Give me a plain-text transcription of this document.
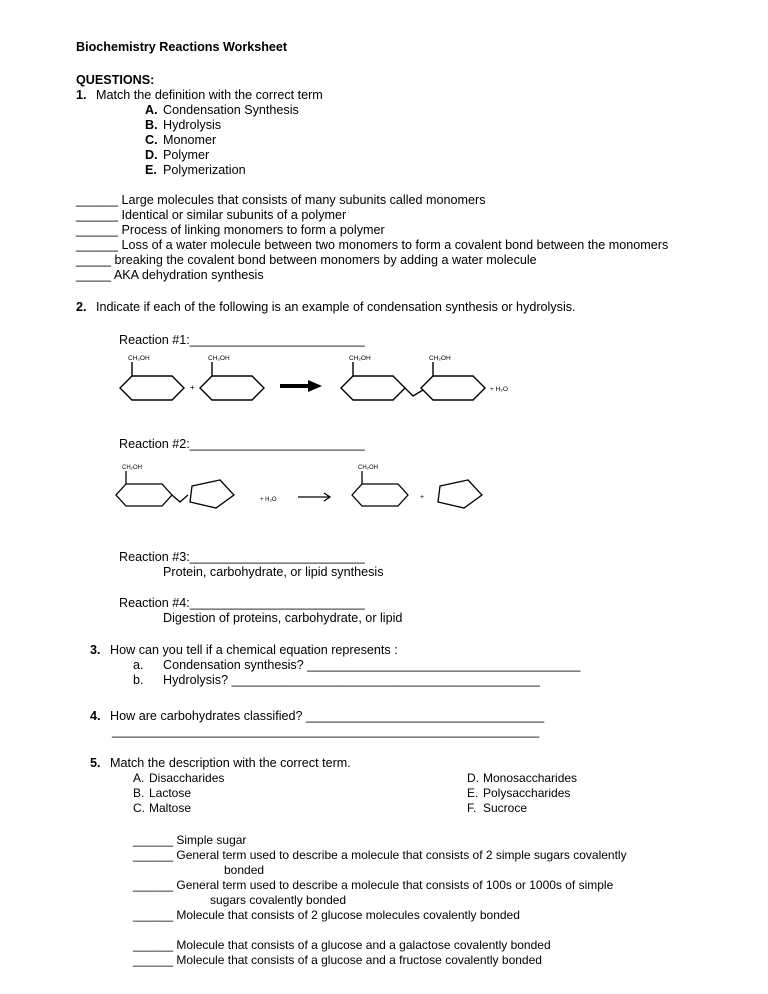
Biochemistry Reactions Worksheet
QUESTIONS:
1. Match the definition with the correct term
A. Condensation Synthesis
B. Hydrolysis
C. Monomer
D. Polymer
E. Polymerization
______ Large molecules that consists of many subunits called monomers
______ Identical or similar subunits of a polymer
______ Process of linking monomers to form a polymer
______ Loss of a water molecule between two monomers to form a covalent bond between the monomers
_____ breaking the covalent bond between monomers by adding a water molecule
_____ AKA dehydration synthesis
2. Indicate if each of the following is an example of condensation synthesis or hydrolysis.
Reaction #1:_________________________
CH₂OH	CH₂OH	CH₂OH	CH₂OH
+	+ H₂O
Reaction #2:_________________________
CH₂OH	CH₂OH
+ H₂O	+
Reaction #3:_________________________
Protein, carbohydrate, or lipid synthesis
Reaction #4:_________________________
Digestion of proteins, carbohydrate, or lipid
3. How can you tell if a chemical equation represents :
a. Condensation synthesis? _______________________________________
b. Hydrolysis? ____________________________________________
4. How are carbohydrates classified? __________________________________
_____________________________________________________________
5. Match the description with the correct term.
A. Disaccharides
B. Lactose
C. Maltose
D. Monosaccharides
E. Polysaccharides
F. Sucroce
______ Simple sugar
______ General term used to describe a molecule that consists of 2 simple sugars covalently
bonded
______ General term used to describe a molecule that consists of 100s or 1000s of simple
sugars covalently bonded
______ Molecule that consists of 2 glucose molecules covalently bonded
______ Molecule that consists of a glucose and a galactose covalently bonded
______ Molecule that consists of a glucose and a fructose covalently bonded
